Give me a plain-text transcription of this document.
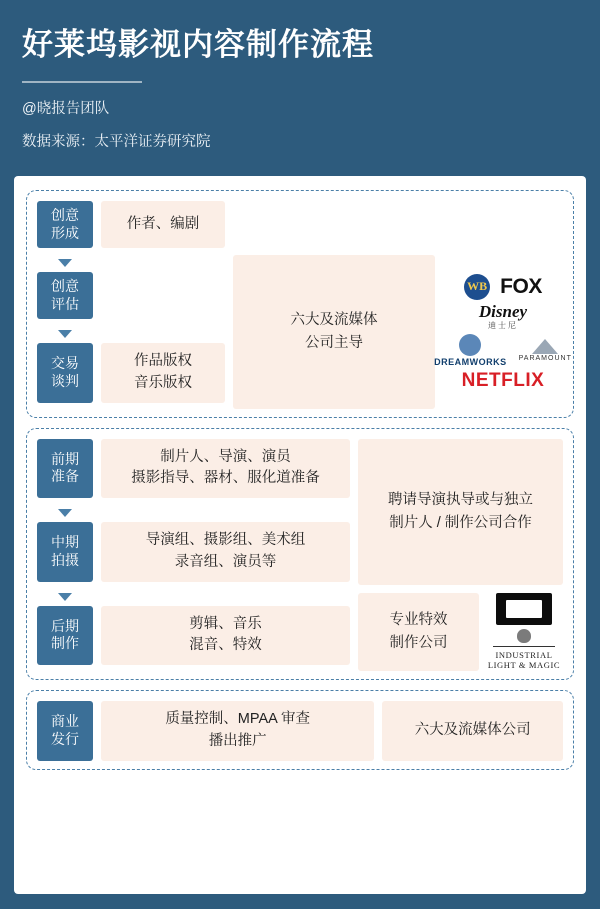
好莱坞影视内容制作流程

@晓报告团队

数据来源：太平洋证券研究院

创意
形成
作者、编剧
创意
评估
交易
谈判
作品版权
音乐版权
六大及流媒体
公司主导
WB FOX
Disney
迪士尼
DREAMWORKS PARAMOUNT
NETFLIX
前期
准备
制片人、导演、演员
摄影指导、器材、服化道准备
中期
拍摄
导演组、摄影组、美术组
录音组、演员等
后期
制作
剪辑、音乐
混音、特效
聘请导演执导或与独立
制片人 / 制作公司合作
专业特效
制作公司
INDUSTRIAL
LIGHT & MAGIC
商业
发行
质量控制、MPAA 审查
播出推广
六大及流媒体公司
